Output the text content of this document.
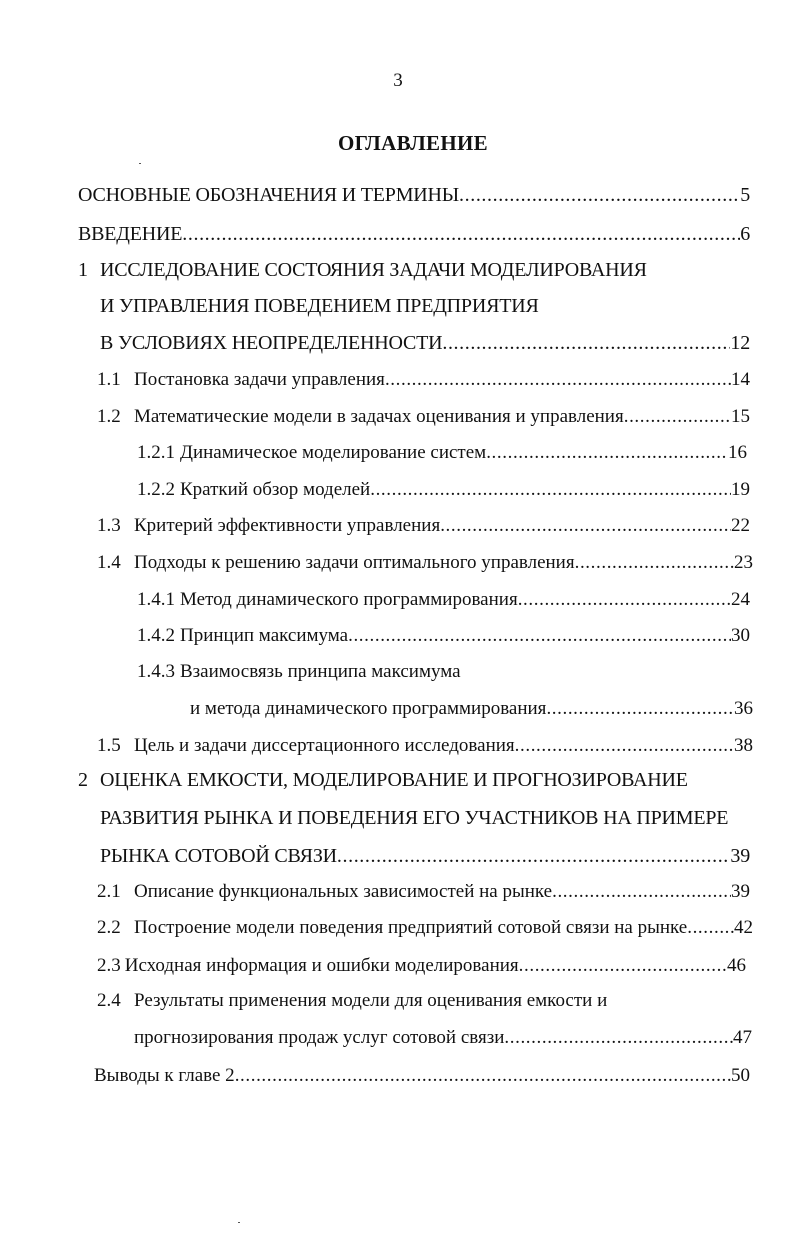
3
ОГЛАВЛЕНИЕ
ОСНОВНЫЕ ОБОЗНАЧЕНИЯ И ТЕРМИНЫ .....	5
ВВЕДЕНИЕ .....	6
1 ИССЛЕДОВАНИЕ СОСТОЯНИЯ ЗАДАЧИ МОДЕЛИРОВАНИЯ
И УПРАВЛЕНИЯ ПОВЕДЕНИЕМ ПРЕДПРИЯТИЯ
В УСЛОВИЯХ НЕОПРЕДЕЛЕННОСТИ .....	12
1.1 Постановка задачи управления .....	14
1.2 Математические модели в задачах оценивания и управления .....	15
1.2.1 Динамическое моделирование систем .....	16
1.2.2 Краткий обзор моделей .....	19
1.3 Критерий эффективности управления .....	22
1.4 Подходы к решению задачи оптимального управления .....	23
1.4.1 Метод динамического программирования .....	24
1.4.2 Принцип максимума .....	30
1.4.3 Взаимосвязь принципа максимума
и метода динамического программирования .....	36
1.5 Цель и задачи диссертационного исследования .....	38
2 ОЦЕНКА ЕМКОСТИ, МОДЕЛИРОВАНИЕ И ПРОГНОЗИРОВАНИЕ
РАЗВИТИЯ РЫНКА И ПОВЕДЕНИЯ ЕГО УЧАСТНИКОВ НА ПРИМЕРЕ
РЫНКА СОТОВОЙ СВЯЗИ .....	39
2.1 Описание функциональных зависимостей на рынке .....	39
2.2 Построение модели поведения предприятий сотовой связи на рынке ..... 42
2.3 Исходная информация и ошибки моделирования .....	46
2.4 Результаты применения модели для оценивания емкости и
прогнозирования продаж услуг сотовой связи .....	47
Выводы к главе 2 .....	50
